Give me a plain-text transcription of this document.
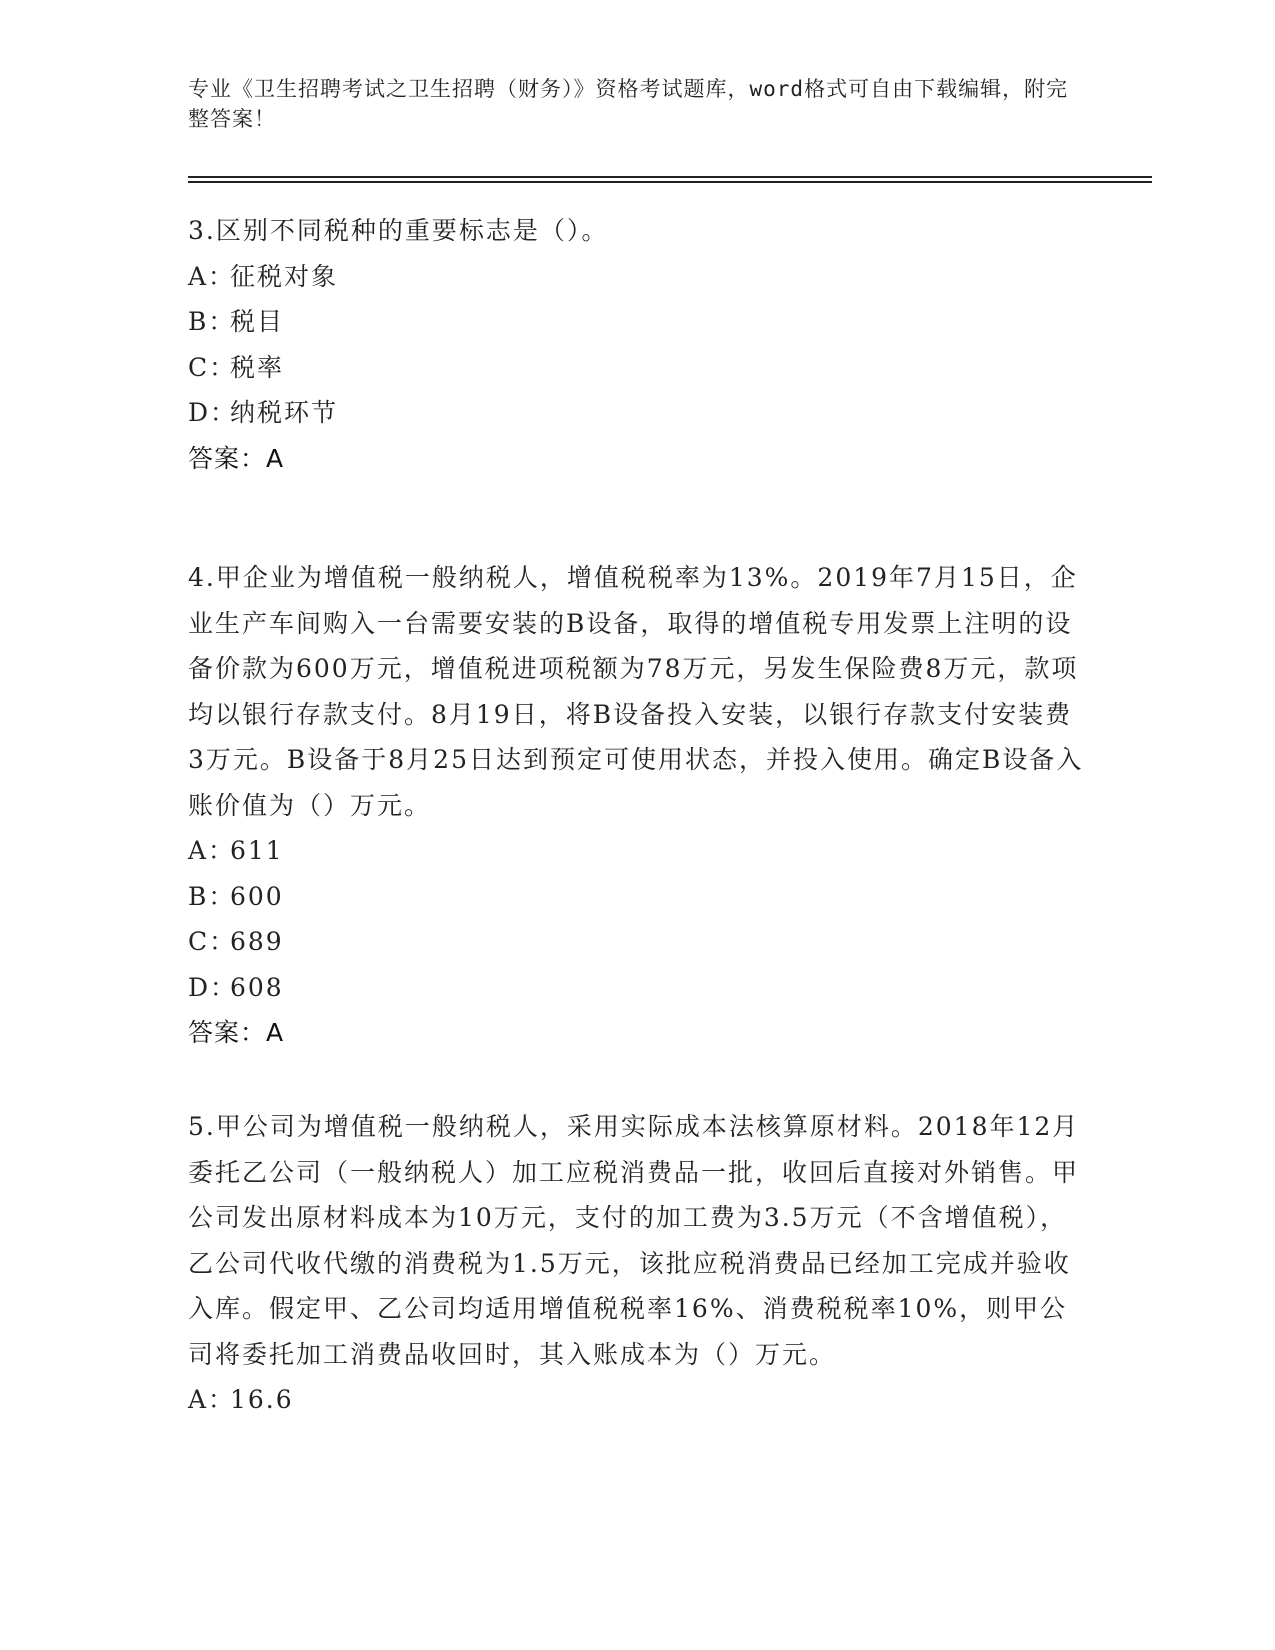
专业《卫生招聘考试之卫生招聘（财务）》资格考试题库，word格式可自由下载编辑，附完整答案！

3.区别不同税种的重要标志是（）。

A：
征税对象

B：
税目

C：
税率

D：
纳税环节

答案：A

4.甲企业为增值税一般纳税人，增值税税率为13%。2019年7月15日，企业生产车间购入一台需要安装的B设备，取得的增值税专用发票上注明的设备价款为600万元，增值税进项税额为78万元，另发生保险费8万元，款项均以银行存款支付。8月19日，将B设备投入安装，以银行存款支付安装费3万元。B设备于8月25日达到预定可使用状态，并投入使用。确定B设备入账价值为（）万元。

A：
611

B：
600

C：
689

D：
608

答案：A

5.甲公司为增值税一般纳税人，采用实际成本法核算原材料。2018年12月委托乙公司（一般纳税人）加工应税消费品一批，收回后直接对外销售。甲公司发出原材料成本为10万元，支付的加工费为3.5万元（不含增值税），乙公司代收代缴的消费税为1.5万元，该批应税消费品已经加工完成并验收入库。假定甲、乙公司均适用增值税税率16%、消费税税率10%，则甲公司将委托加工消费品收回时，其入账成本为（）万元。

A：
16.6
